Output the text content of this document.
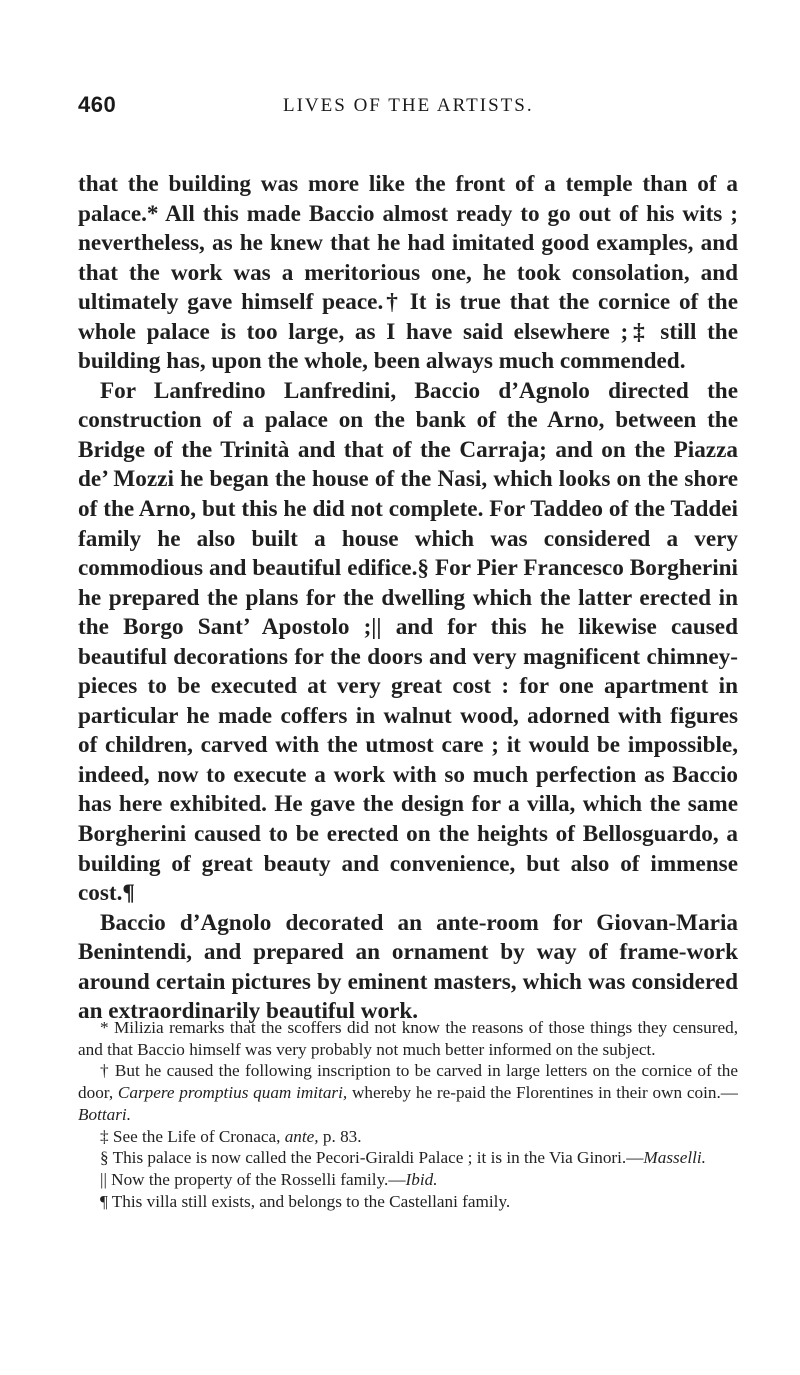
460	LIVES OF THE ARTISTS.

that the building was more like the front of a temple than of a palace.* All this made Baccio almost ready to go out of his wits ; nevertheless, as he knew that he had imitated good examples, and that the work was a meritorious one, he took consolation, and ultimately gave himself peace.† It is true that the cornice of the whole palace is too large, as I have said elsewhere ;‡ still the building has, upon the whole, been always much commended.

For Lanfredino Lanfredini, Baccio d’Agnolo directed the construction of a palace on the bank of the Arno, between the Bridge of the Trinità and that of the Carraja; and on the Piazza de’ Mozzi he began the house of the Nasi, which looks on the shore of the Arno, but this he did not complete. For Taddeo of the Taddei family he also built a house which was considered a very commodious and beautiful edifice.§ For Pier Francesco Borgherini he prepared the plans for the dwelling which the latter erected in the Borgo Sant’ Apostolo ;|| and for this he likewise caused beautiful decorations for the doors and very magnificent chimney-pieces to be executed at very great cost : for one apartment in particular he made coffers in walnut wood, adorned with figures of children, carved with the utmost care ; it would be impossible, indeed, now to execute a work with so much perfection as Baccio has here exhibited. He gave the design for a villa, which the same Borgherini caused to be erected on the heights of Bellosguardo, a building of great beauty and convenience, but also of immense cost.¶

Baccio d’Agnolo decorated an ante-room for Giovan-Maria Benintendi, and prepared an ornament by way of frame-work around certain pictures by eminent masters, which was considered an extraordinarily beautiful work.

* Milizia remarks that the scoffers did not know the reasons of those things they censured, and that Baccio himself was very probably not much better informed on the subject.

† But he caused the following inscription to be carved in large letters on the cornice of the door, Carpere promptius quam imitari, whereby he re-paid the Florentines in their own coin.—Bottari.

‡ See the Life of Cronaca, ante, p. 83.

§ This palace is now called the Pecori-Giraldi Palace ; it is in the Via Ginori.—Masselli.

|| Now the property of the Rosselli family.—Ibid.

¶ This villa still exists, and belongs to the Castellani family.
